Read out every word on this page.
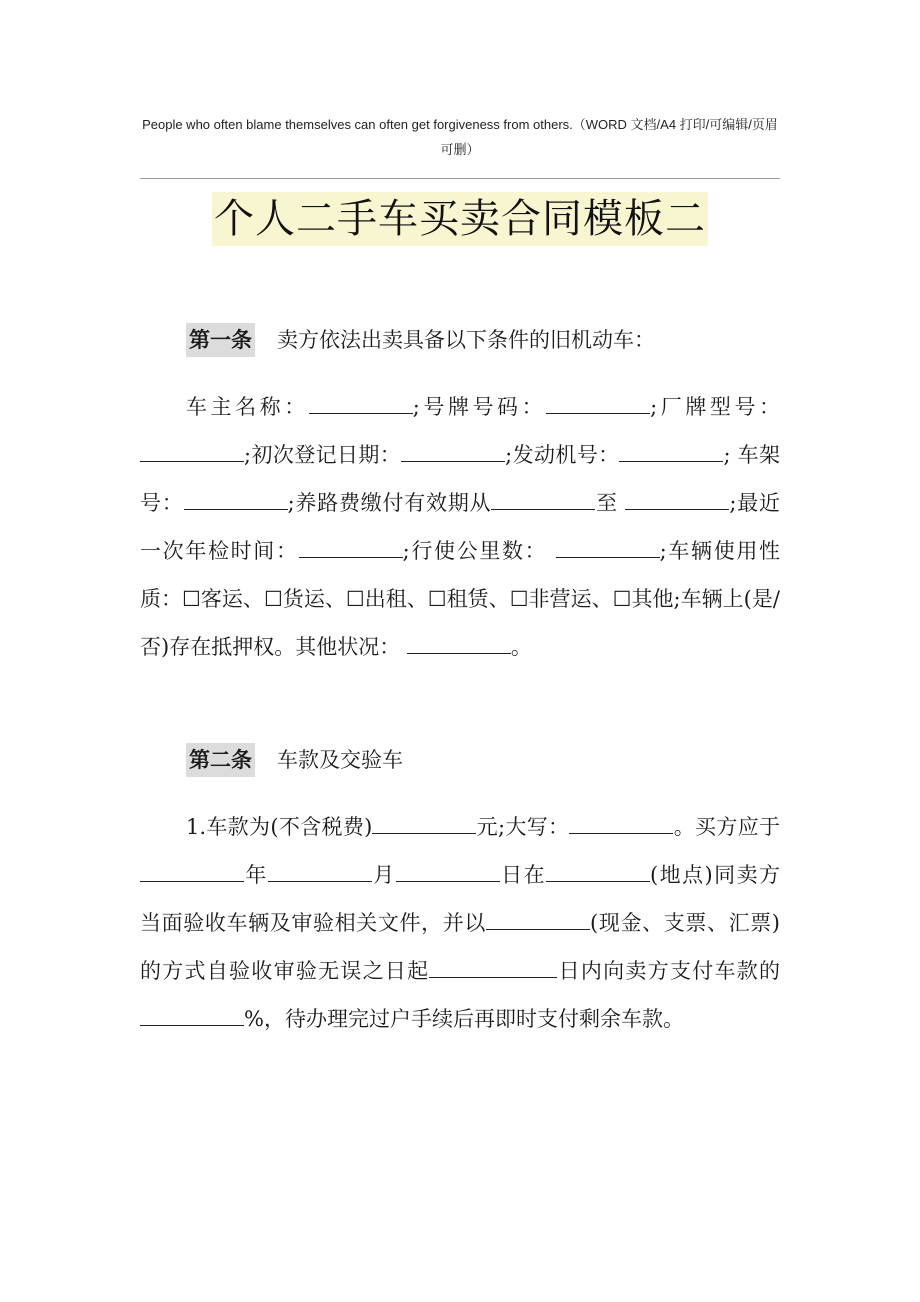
People who often blame themselves can often get forgiveness from others.（WORD 文档/A4 打印/可编辑/页眉
可删）
个人二手车买卖合同模板二
第一条 卖方依法出卖具备以下条件的旧机动车：

车主名称：	;号牌号码：	;厂牌型号：;初次登记日期：	;发动机号：	; 车架号：	;养路费缴付有效期从	至	;最近一次年检时间：	;行使公里数：	;车辆使用性质：☐客运、☐货运、☐出租、☐租赁、☐非营运、☐其他;车辆上(是/否)存在抵押权。其他状况：	。

第二条 车款及交验车

1.车款为(不含税费)	元;大写：	。买方应于年	月	日在	(地点)同卖方当面验收车辆及审验相关文件，并以	(现金、支票、汇票)的方式自验收审验无误之日起	日内向卖方支付车款的%，待办理完过户手续后再即时支付剩余车款。
